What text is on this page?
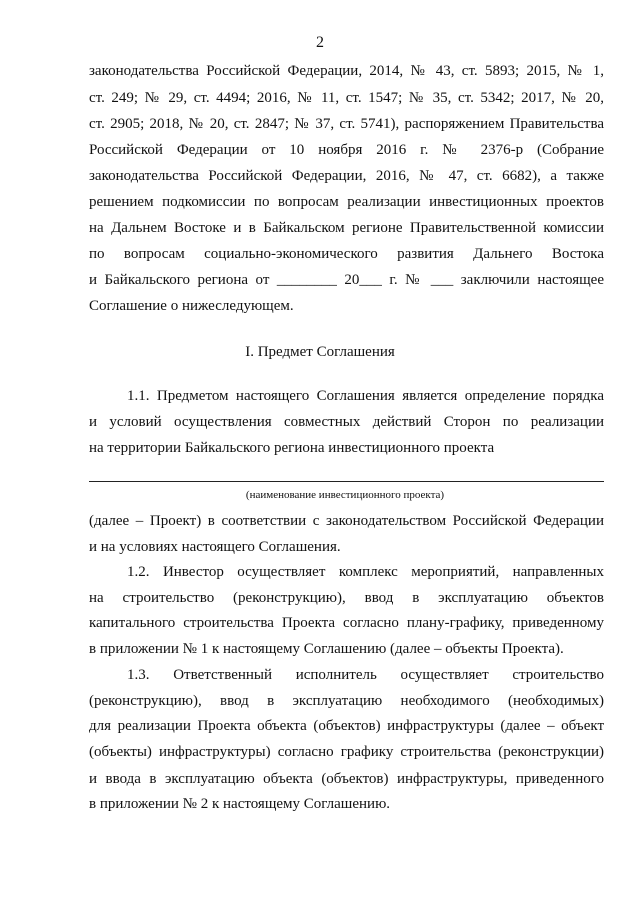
2
законодательства Российской Федерации, 2014, № 43, ст. 5893; 2015, № 1,
ст. 249; № 29, ст. 4494; 2016, № 11, ст. 1547; № 35, ст. 5342; 2017, № 20,
ст. 2905; 2018, № 20, ст. 2847; № 37, ст. 5741), распоряжением Правительства
Российской Федерации от 10 ноября 2016 г. № 2376-р (Собрание
законодательства Российской Федерации, 2016, № 47, ст. 6682), а также
решением подкомиссии по вопросам реализации инвестиционных проектов
на Дальнем Востоке и в Байкальском регионе Правительственной комиссии
по вопросам социально-экономического развития Дальнего Востока
и Байкальского региона от ________ 20___ г. № ___ заключили настоящее
Соглашение о нижеследующем.
I. Предмет Соглашения
1.1. Предметом настоящего Соглашения является определение порядка
и условий осуществления совместных действий Сторон по реализации
на территории Байкальского региона инвестиционного проекта
(наименование инвестиционного проекта)
(далее – Проект) в соответствии с законодательством Российской Федерации
и на условиях настоящего Соглашения.
1.2. Инвестор осуществляет комплекс мероприятий, направленных
на строительство (реконструкцию), ввод в эксплуатацию объектов
капитального строительства Проекта согласно плану-графику, приведенному
в приложении № 1 к настоящему Соглашению (далее – объекты Проекта).
1.3. Ответственный исполнитель осуществляет строительство
(реконструкцию), ввод в эксплуатацию необходимого (необходимых)
для реализации Проекта объекта (объектов) инфраструктуры (далее – объект
(объекты) инфраструктуры) согласно графику строительства (реконструкции)
и ввода в эксплуатацию объекта (объектов) инфраструктуры, приведенного
в приложении № 2 к настоящему Соглашению.
